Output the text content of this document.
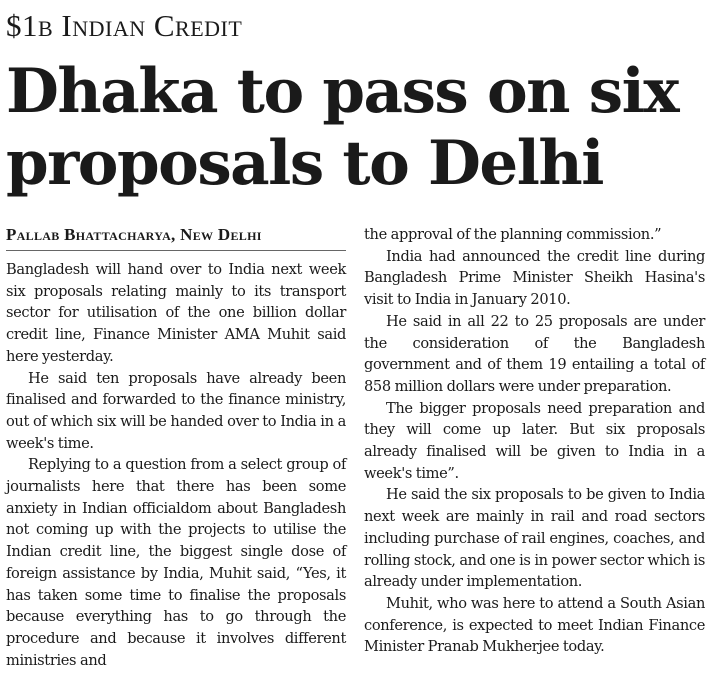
$1b Indian Credit
Dhaka to pass on six
proposals to Delhi
Pallab Bhattacharya, New Delhi

Bangladesh will hand over to India next week six proposals relating mainly to its transport sector for utilisation of the one billion dollar credit line, Finance Minister AMA Muhit said here yesterday.

He said ten proposals have already been finalised and forwarded to the finance ministry, out of which six will be handed over to India in a week's time.

Replying to a question from a select group of journalists here that there has been some anxiety in Indian officialdom about Bangladesh not coming up with the projects to utilise the Indian credit line, the biggest single dose of foreign assistance by India, Muhit said, “Yes, it has taken some time to finalise the proposals because everything has to go through the procedure and because it involves different ministries and

the approval of the planning commission.”

India had announced the credit line during Bangladesh Prime Minister Sheikh Hasina's visit to India in January 2010.

He said in all 22 to 25 proposals are under the consideration of the Bangladesh government and of them 19 entailing a total of 858 million dollars were under preparation.

The bigger proposals need preparation and they will come up later. But six proposals already finalised will be given to India in a week's time”.

He said the six proposals to be given to India next week are mainly in rail and road sectors including purchase of rail engines, coaches, and rolling stock, and one is in power sector which is already under implementation.

Muhit, who was here to attend a South Asian conference, is expected to meet Indian Finance Minister Pranab Mukherjee today.
